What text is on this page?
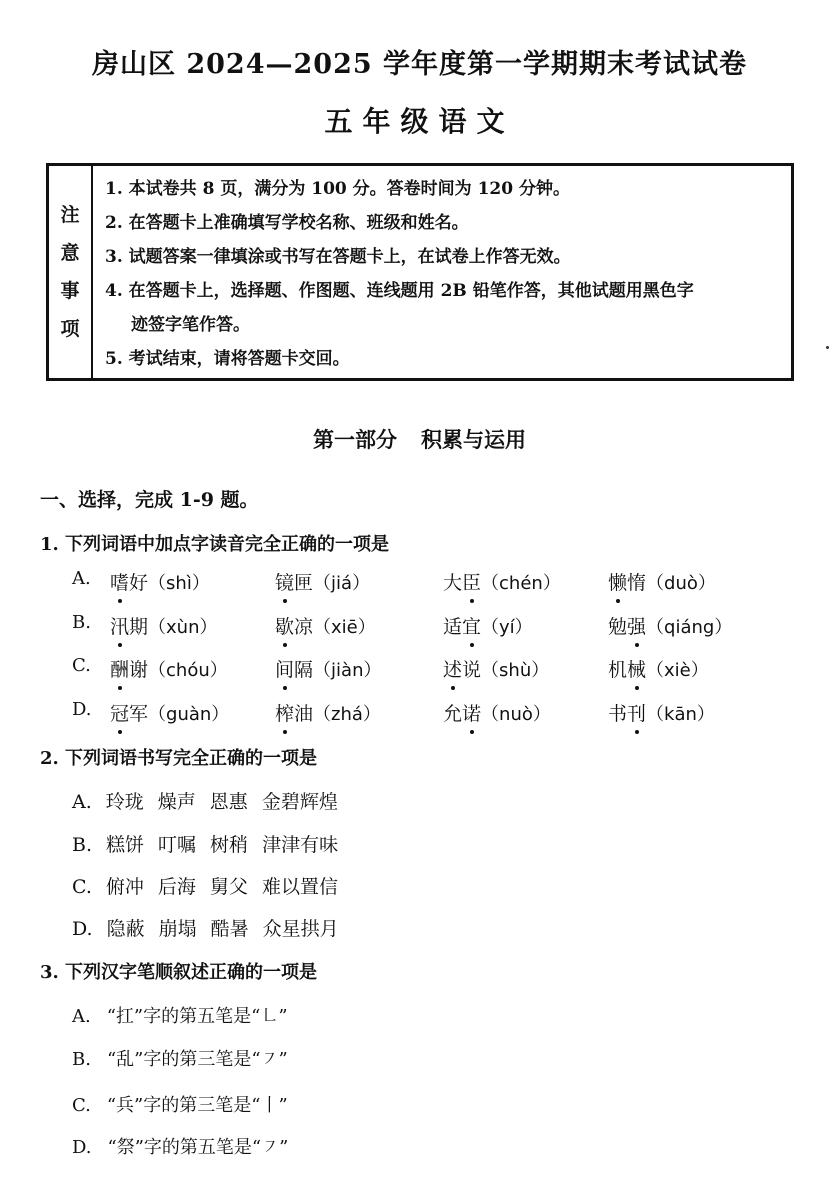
房山区 2024—2025 学年度第一学期期末考试试卷
五年级语文
注
意
事
项
1. 本试卷共 8 页，满分为 100 分。答卷时间为 120 分钟。
2. 在答题卡上准确填写学校名称、班级和姓名。
3. 试题答案一律填涂或书写在答题卡上，在试卷上作答无效。
4. 在答题卡上，选择题、作图题、连线题用 2B 铅笔作答，其他试题用黑色字
迹签字笔作答。
5. 考试结束，请将答题卡交回。
第一部分 积累与运用
一、选择，完成 1-9 题。
1. 下列词语中加点字读音完全正确的一项是
A. 嗜好（shì）	镜匣（jiá）	大臣（chén） 懒惰（duò）
B. 汛期（xùn）	歇凉（xiē）	适宜（yí）	勉强（qiáng）
C. 酬谢（chóu） 间隔（jiàn）	述说（shù）	机械（xiè）
D. 冠军（guàn） 榨油（zhá）	允诺（nuò）	书刊（kān）
2. 下列词语书写完全正确的一项是
A. 玲珑 燥声 恩惠 金碧辉煌
B. 糕饼 叮嘱 树稍 津津有味
C. 俯冲 后海 舅父 难以置信
D. 隐蔽 崩塌 酷暑 众星拱月
3. 下列汉字笔顺叙述正确的一项是
A. “扛”字的第五笔是“㇗”
B. “乱”字的第三笔是“㇇”
C. “兵”字的第三笔是“丨”
D. “祭”字的第五笔是“㇇”
